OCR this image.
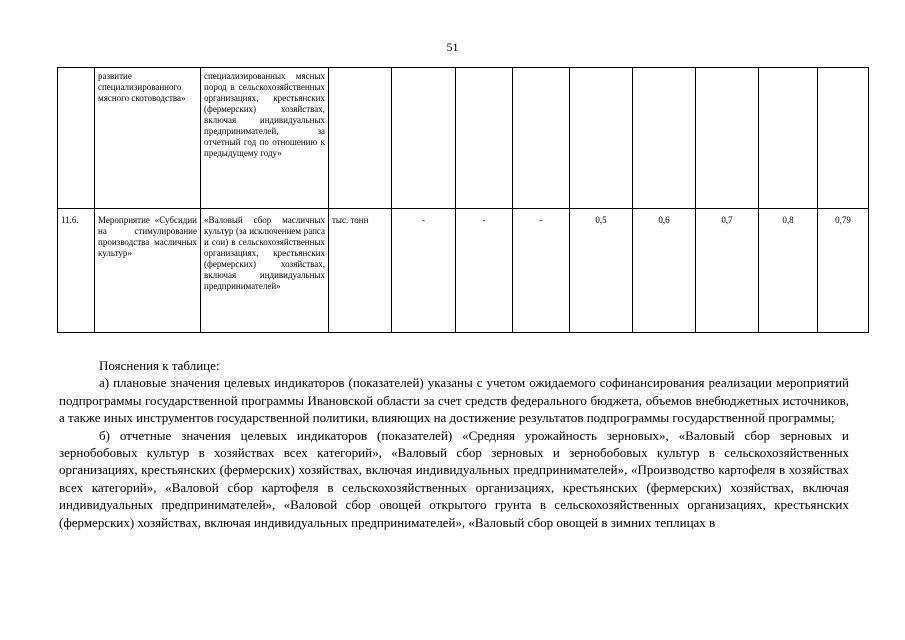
51
	развитие специализированного мясного скотоводства»	специализированных мясных пород в сельскохозяйственных организациях, крестьянских (фермерских) хозяйствах, включая индивидуальных предпринимателей, за отчетный год по отношению к предыдущему году»									
11.6.	Мероприятие «Субсидии на стимулирование производства масличных культур»	«Валовый сбор масличных культур (за исключением рапса и сои) в сельскохозяйственных организациях, крестьянских (фермерских) хозяйствах, включая индивидуальных предпринимателей»	тыс. тонн	-	-	-	0,5	0,6	0,7	0,8	0,79

Пояснения к таблице:

а) плановые значения целевых индикаторов (показателей) указаны с учетом ожидаемого софинансирования реализации мероприятий подпрограммы государственной программы Ивановской области за счет средств федерального бюджета, объемов внебюджетных источников, а также иных инструментов государственной политики, влияющих на достижение результатов подпрограммы государственной программы;

б) отчетные значения целевых индикаторов (показателей) «Средняя урожайность зерновых», «Валовый сбор зерновых и зернобобовых культур в хозяйствах всех категорий», «Валовый сбор зерновых и зернобобовых культур в сельскохозяйственных организациях, крестьянских (фермерских) хозяйствах, включая индивидуальных предпринимателей», «Производство картофеля в хозяйствах всех категорий», «Валовой сбор картофеля в сельскохозяйственных организациях, крестьянских (фермерских) хозяйствах, включая индивидуальных предпринимателей», «Валовой сбор овощей открытого грунта в сельскохозяйственных организациях, крестьянских (фермерских) хозяйствах, включая индивидуальных предпринимателей», «Валовый сбор овощей в зимних теплицах в
